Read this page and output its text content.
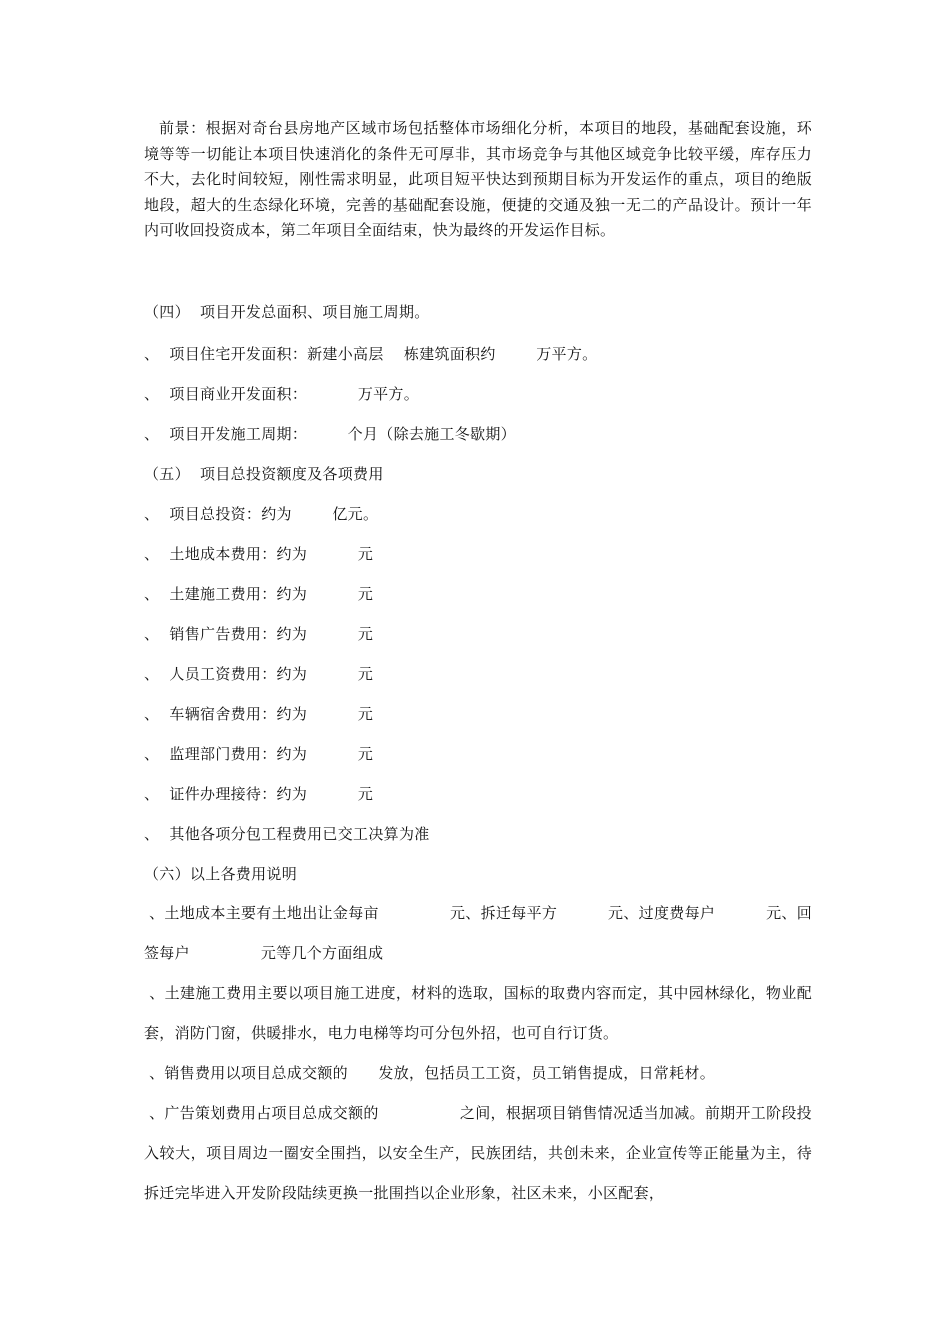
前景：根据对奇台县房地产区域市场包括整体市场细化分析，本项目的地段，基础配套设施，环境等等一切能让本项目快速消化的条件无可厚非，其市场竞争与其他区域竞争比较平缓，库存压力不大，去化时间较短，刚性需求明显，此项目短平快达到预期目标为开发运作的重点，项目的绝版地段，超大的生态绿化环境，完善的基础配套设施，便捷的交通及独一无二的产品设计。预计一年内可收回投资成本，第二年项目全面结束，快为最终的开发运作目标。
（四）  项目开发总面积、项目施工周期。
、  项目住宅开发面积：新建小高层    栋建筑面积约        万平方。
、  项目商业开发面积：          万平方。
、  项目开发施工周期：        个月（除去施工冬歇期）
（五）  项目总投资额度及各项费用
、  项目总投资：约为        亿元。
、  土地成本费用：约为          元
、  土建施工费用：约为          元
、  销售广告费用：约为          元
、  人员工资费用：约为          元
、  车辆宿舍费用：约为          元
、  监理部门费用：约为          元
、  证件办理接待：约为          元
、  其他各项分包工程费用已交工决算为准
（六）以上各费用说明
、土地成本主要有土地出让金每亩              元、拆迁每平方          元、过度费每户          元、回签每户              元等几个方面组成
、土建施工费用主要以项目施工进度，材料的选取，国标的取费内容而定，其中园林绿化，物业配套，消防门窗，供暖排水，电力电梯等均可分包外招，也可自行订货。
、销售费用以项目总成交额的      发放，包括员工工资，员工销售提成，日常耗材。
、广告策划费用占项目总成交额的                之间，根据项目销售情况适当加减。前期开工阶段投入较大，项目周边一圈安全围挡，以安全生产，民族团结，共创未来，企业宣传等正能量为主，待拆迁完毕进入开发阶段陆续更换一批围挡以企业形象，社区未来，小区配套，
